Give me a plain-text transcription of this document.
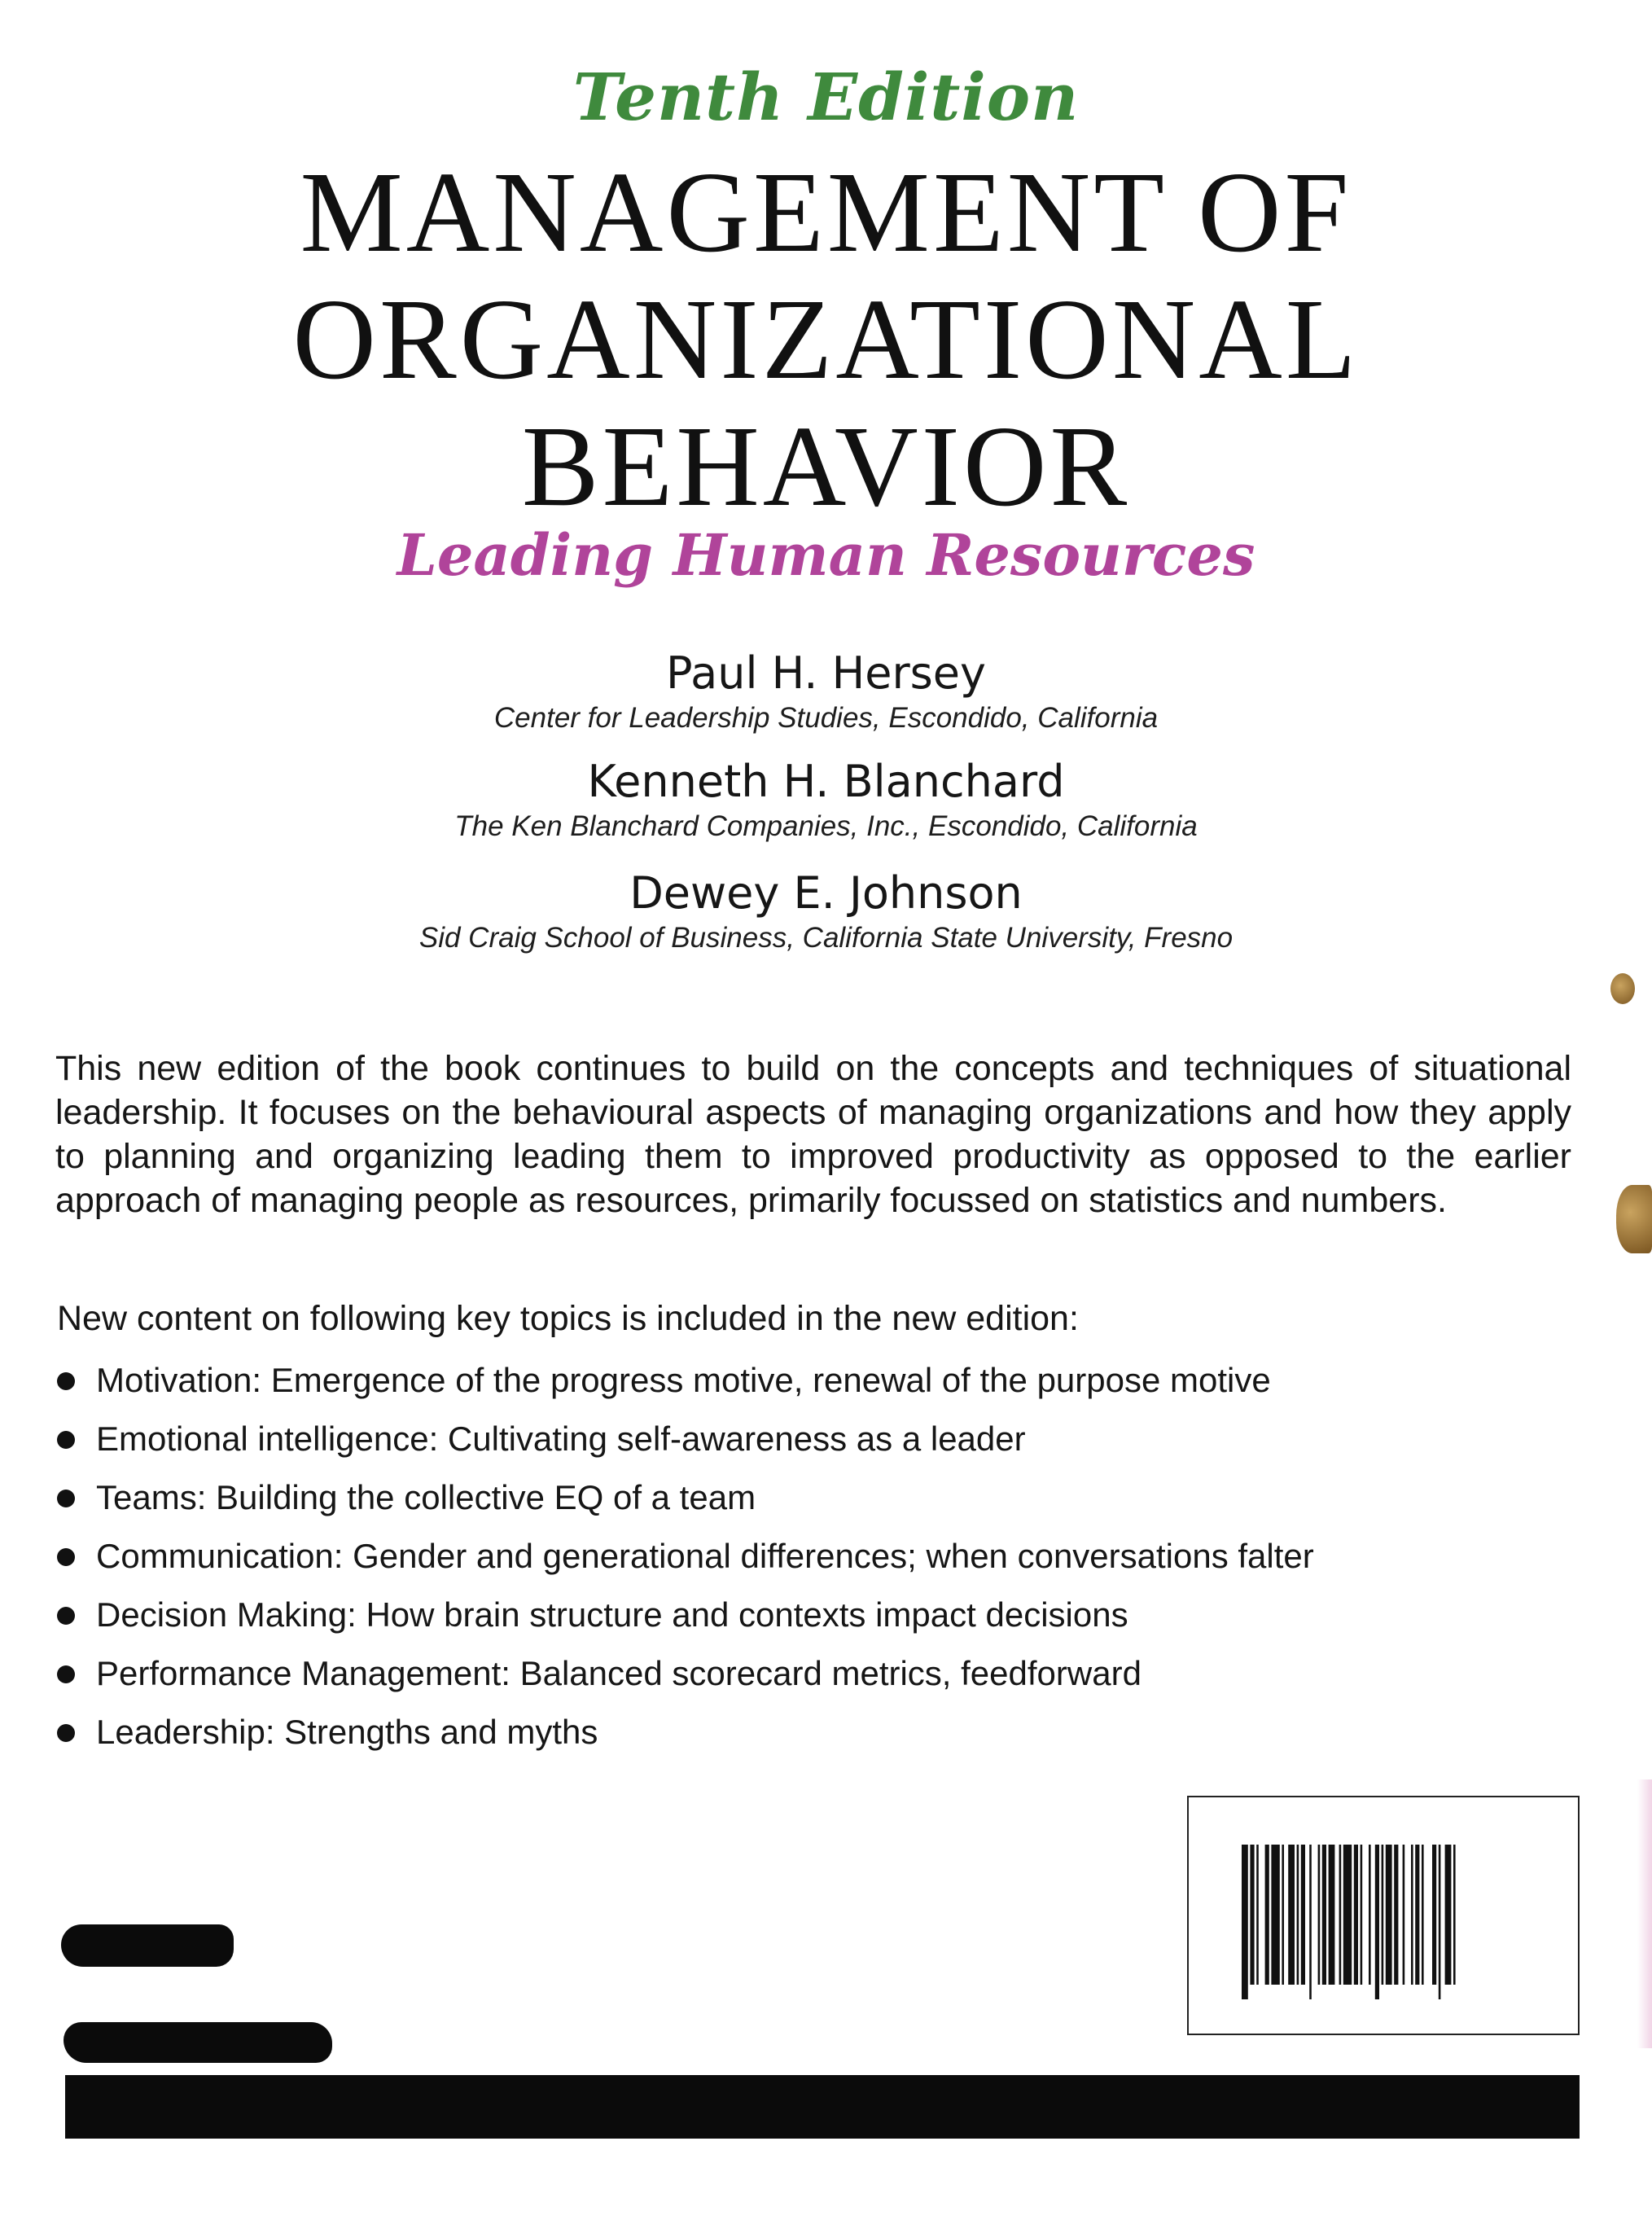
Tenth Edition
MANAGEMENT OF
ORGANIZATIONAL
BEHAVIOR
Leading Human Resources
Paul H. Hersey
Center for Leadership Studies, Escondido, California
Kenneth H. Blanchard
The Ken Blanchard Companies, Inc., Escondido, California
Dewey E. Johnson
Sid Craig School of Business, California State University, Fresno

This new edition of the book continues to build on the concepts and techniques of situational leadership. It focuses on the behavioural aspects of managing organizations and how they apply to planning and organizing leading them to improved productivity as opposed to the earlier approach of managing people as resources, primarily focussed on statistics and numbers.

New content on following key topics is included in the new edition:

Motivation: Emergence of the progress motive, renewal of the purpose motive
Emotional intelligence: Cultivating self-awareness as a leader
Teams: Building the collective EQ of a team
Communication: Gender and generational differences; when conversations falter
Decision Making: How brain structure and contexts impact decisions
Performance Management: Balanced scorecard metrics, feedforward
Leadership: Strengths and myths
